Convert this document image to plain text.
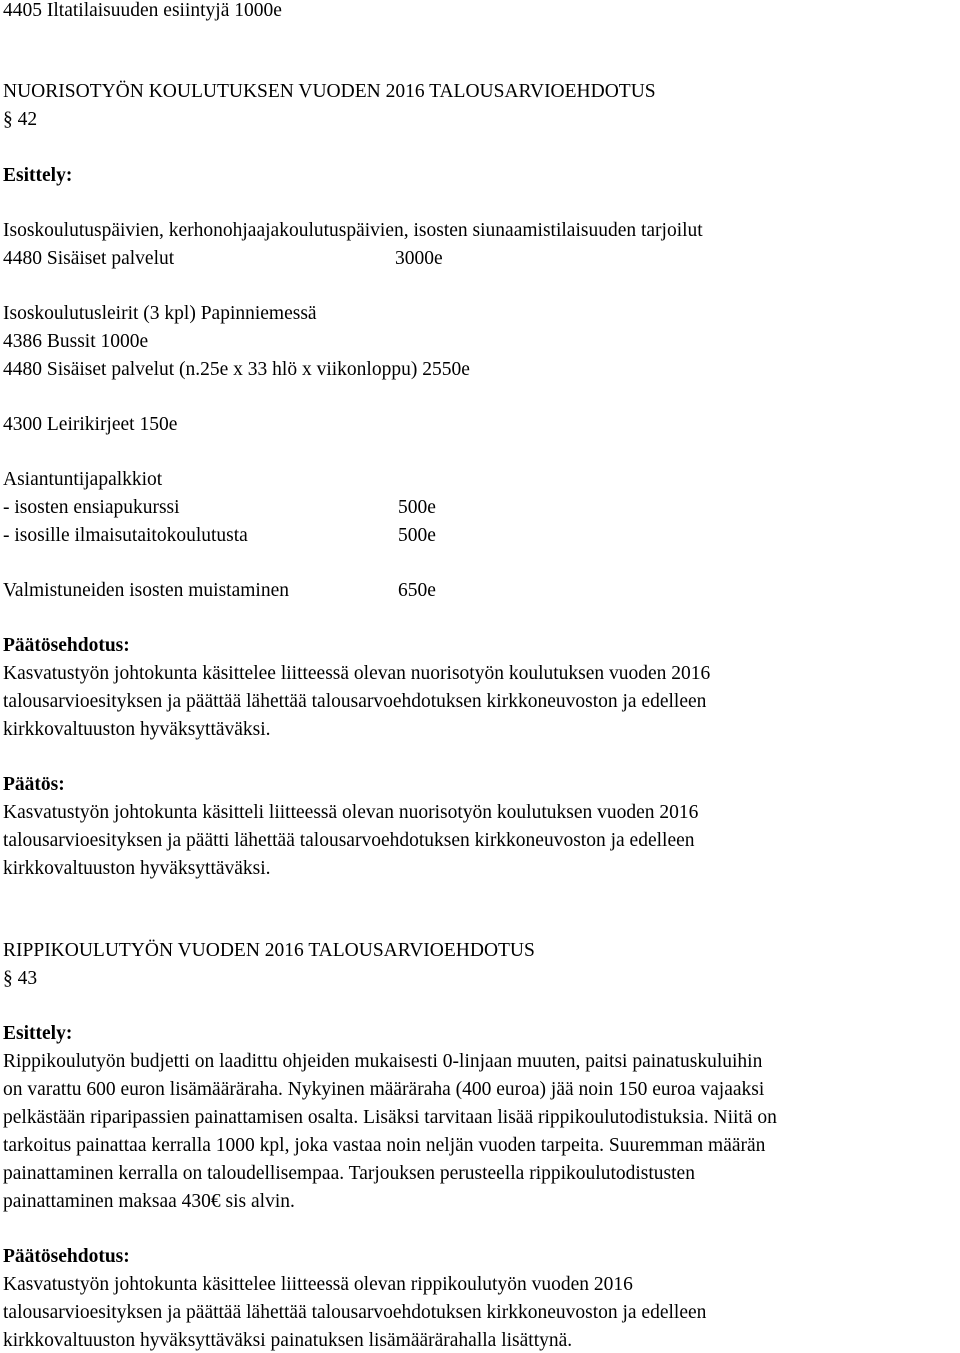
4405 Iltatilaisuuden esiintyjä 1000e
NUORISOTYÖN KOULUTUKSEN VUODEN 2016 TALOUSARVIOEHDOTUS
§ 42
Esittely:
Isoskoulutuspäivien, kerhonohjaajakoulutuspäivien, isosten siunaamistilaisuuden tarjoilut
4480 Sisäiset palvelut	3000e
Isoskoulutusleirit (3 kpl) Papinniemessä
4386 Bussit 1000e
4480 Sisäiset palvelut (n.25e x 33 hlö x viikonloppu) 2550e
4300 Leirikirjeet 150e
Asiantuntijapalkkiot
- isosten ensiapukurssi	500e
- isosille ilmaisutaitokoulutusta	500e
Valmistuneiden isosten muistaminen	650e
Päätösehdotus:
Kasvatustyön johtokunta käsittelee liitteessä olevan nuorisotyön koulutuksen vuoden 2016
talousarvioesityksen ja päättää lähettää talousarvoehdotuksen kirkkoneuvoston ja edelleen
kirkkovaltuuston hyväksyttäväksi.
Päätös:
Kasvatustyön johtokunta käsitteli liitteessä olevan nuorisotyön koulutuksen vuoden 2016
talousarvioesityksen ja päätti lähettää talousarvoehdotuksen kirkkoneuvoston ja edelleen
kirkkovaltuuston hyväksyttäväksi.
RIPPIKOULUTYÖN VUODEN 2016 TALOUSARVIOEHDOTUS
§ 43
Esittely:
Rippikoulutyön budjetti on laadittu ohjeiden mukaisesti 0-linjaan muuten, paitsi painatuskuluihin
on varattu 600 euron lisämääräraha. Nykyinen määräraha (400 euroa) jää noin 150 euroa vajaaksi
pelkästään riparipassien painattamisen osalta. Lisäksi tarvitaan lisää rippikoulutodistuksia. Niitä on
tarkoitus painattaa kerralla 1000 kpl, joka vastaa noin neljän vuoden tarpeita. Suuremman määrän
painattaminen kerralla on taloudellisempaa. Tarjouksen perusteella rippikoulutodistusten
painattaminen maksaa 430€ sis alvin.
Päätösehdotus:
Kasvatustyön johtokunta käsittelee liitteessä olevan rippikoulutyön vuoden 2016
talousarvioesityksen ja päättää lähettää talousarvoehdotuksen kirkkoneuvoston ja edelleen
kirkkovaltuuston hyväksyttäväksi painatuksen lisämäärärahalla lisättynä.
